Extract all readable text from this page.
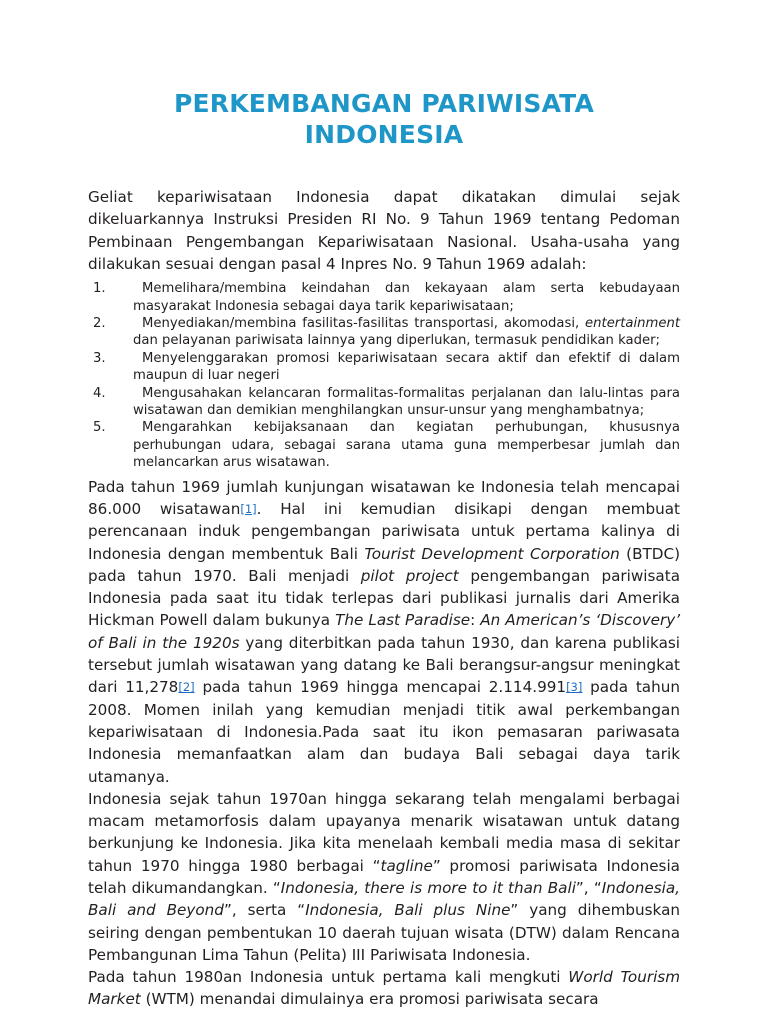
PERKEMBANGAN PARIWISATA
INDONESIA

Geliat kepariwisataan Indonesia dapat dikatakan dimulai sejak dikeluarkannya Instruksi Presiden RI No. 9 Tahun 1969 tentang Pedoman Pembinaan Pengembangan Kepariwisataan Nasional. Usaha-usaha yang dilakukan sesuai dengan pasal 4 Inpres No. 9 Tahun 1969 adalah:

Memelihara/membina keindahan dan kekayaan alam serta kebudayaan masyarakat Indonesia sebagai daya tarik kepariwisataan;
Menyediakan/membina fasilitas-fasilitas transportasi, akomodasi, entertainment dan pelayanan pariwisata lainnya yang diperlukan, termasuk pendidikan kader;
Menyelenggarakan promosi kepariwisataan secara aktif dan efektif di dalam maupun di luar negeri
Mengusahakan kelancaran formalitas-formalitas perjalanan dan lalu-lintas para wisatawan dan demikian menghilangkan unsur-unsur yang menghambatnya;
Mengarahkan kebijaksanaan dan kegiatan perhubungan, khususnya perhubungan udara, sebagai sarana utama guna memperbesar jumlah dan melancarkan arus wisatawan.

Pada tahun 1969 jumlah kunjungan wisatawan ke Indonesia telah mencapai 86.000 wisatawan[1]. Hal ini kemudian disikapi dengan membuat perencanaan induk pengembangan pariwisata untuk pertama kalinya di Indonesia dengan membentuk Bali Tourist Development Corporation (BTDC) pada tahun 1970. Bali menjadi pilot project pengembangan pariwisata Indonesia pada saat itu tidak terlepas dari publikasi jurnalis dari Amerika Hickman Powell dalam bukunya The Last Paradise: An American’s ‘Discovery’ of Bali in the 1920s yang diterbitkan pada tahun 1930, dan karena publikasi tersebut jumlah wisatawan yang datang ke Bali berangsur-angsur meningkat dari 11,278[2] pada tahun 1969 hingga mencapai 2.114.991[3] pada tahun 2008. Momen inilah yang kemudian menjadi titik awal perkembangan kepariwisataan di Indonesia.Pada saat itu ikon pemasaran pariwasata Indonesia memanfaatkan alam dan budaya Bali sebagai daya tarik utamanya.

Indonesia sejak tahun 1970an hingga sekarang telah mengalami berbagai macam metamorfosis dalam upayanya menarik wisatawan untuk datang berkunjung ke Indonesia. Jika kita menelaah kembali media masa di sekitar tahun 1970 hingga 1980 berbagai “tagline” promosi pariwisata Indonesia telah dikumandangkan. “Indonesia, there is more to it than Bali”, “Indonesia, Bali and Beyond”, serta “Indonesia, Bali plus Nine” yang dihembuskan seiring dengan pembentukan 10 daerah tujuan wisata (DTW) dalam Rencana Pembangunan Lima Tahun (Pelita) III Pariwisata Indonesia.

Pada tahun 1980an Indonesia untuk pertama kali mengkuti World Tourism Market (WTM) menandai dimulainya era promosi pariwisata secara
